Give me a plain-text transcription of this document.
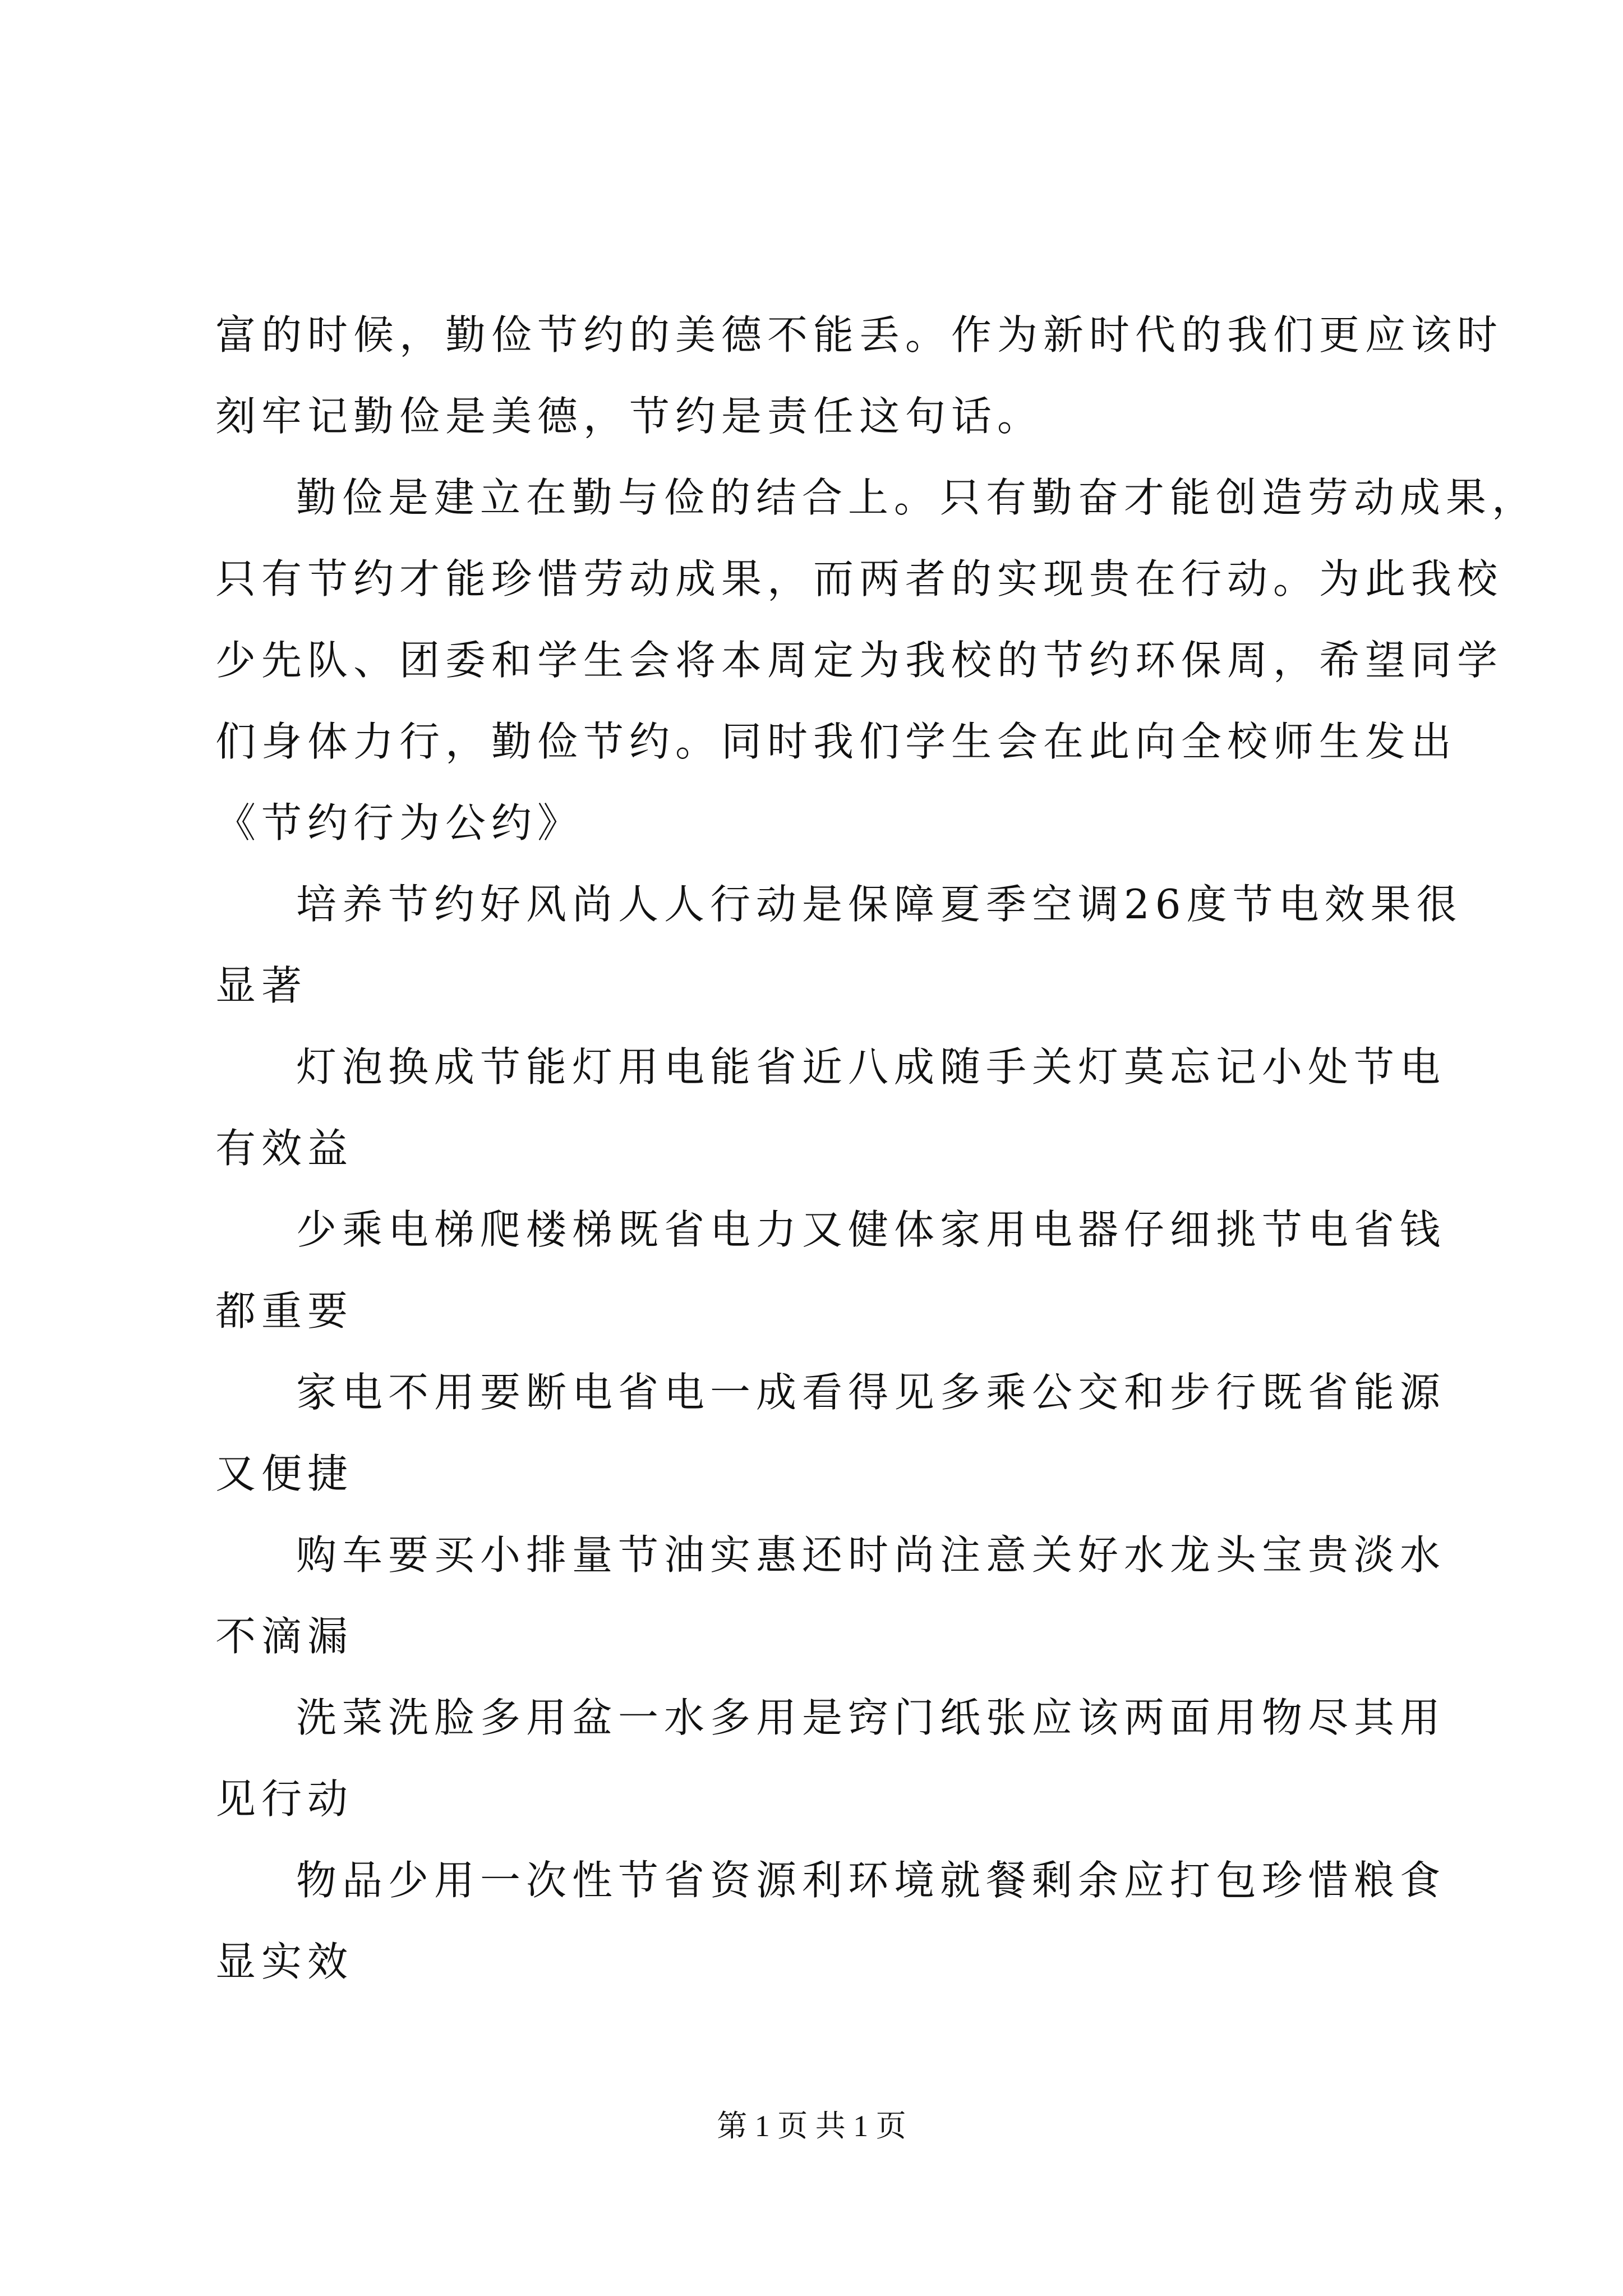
富的时候，勤俭节约的美德不能丢。作为新时代的我们更应该时
刻牢记勤俭是美德，节约是责任这句话。
勤俭是建立在勤与俭的结合上。只有勤奋才能创造劳动成果，
只有节约才能珍惜劳动成果，而两者的实现贵在行动。为此我校
少先队、团委和学生会将本周定为我校的节约环保周，希望同学
们身体力行，勤俭节约。同时我们学生会在此向全校师生发出
《节约行为公约》
培养节约好风尚人人行动是保障夏季空调26度节电效果很
显著
灯泡换成节能灯用电能省近八成随手关灯莫忘记小处节电
有效益
少乘电梯爬楼梯既省电力又健体家用电器仔细挑节电省钱
都重要
家电不用要断电省电一成看得见多乘公交和步行既省能源
又便捷
购车要买小排量节油实惠还时尚注意关好水龙头宝贵淡水
不滴漏
洗菜洗脸多用盆一水多用是窍门纸张应该两面用物尽其用
见行动
物品少用一次性节省资源利环境就餐剩余应打包珍惜粮食
显实效
第 1 页 共 1 页
